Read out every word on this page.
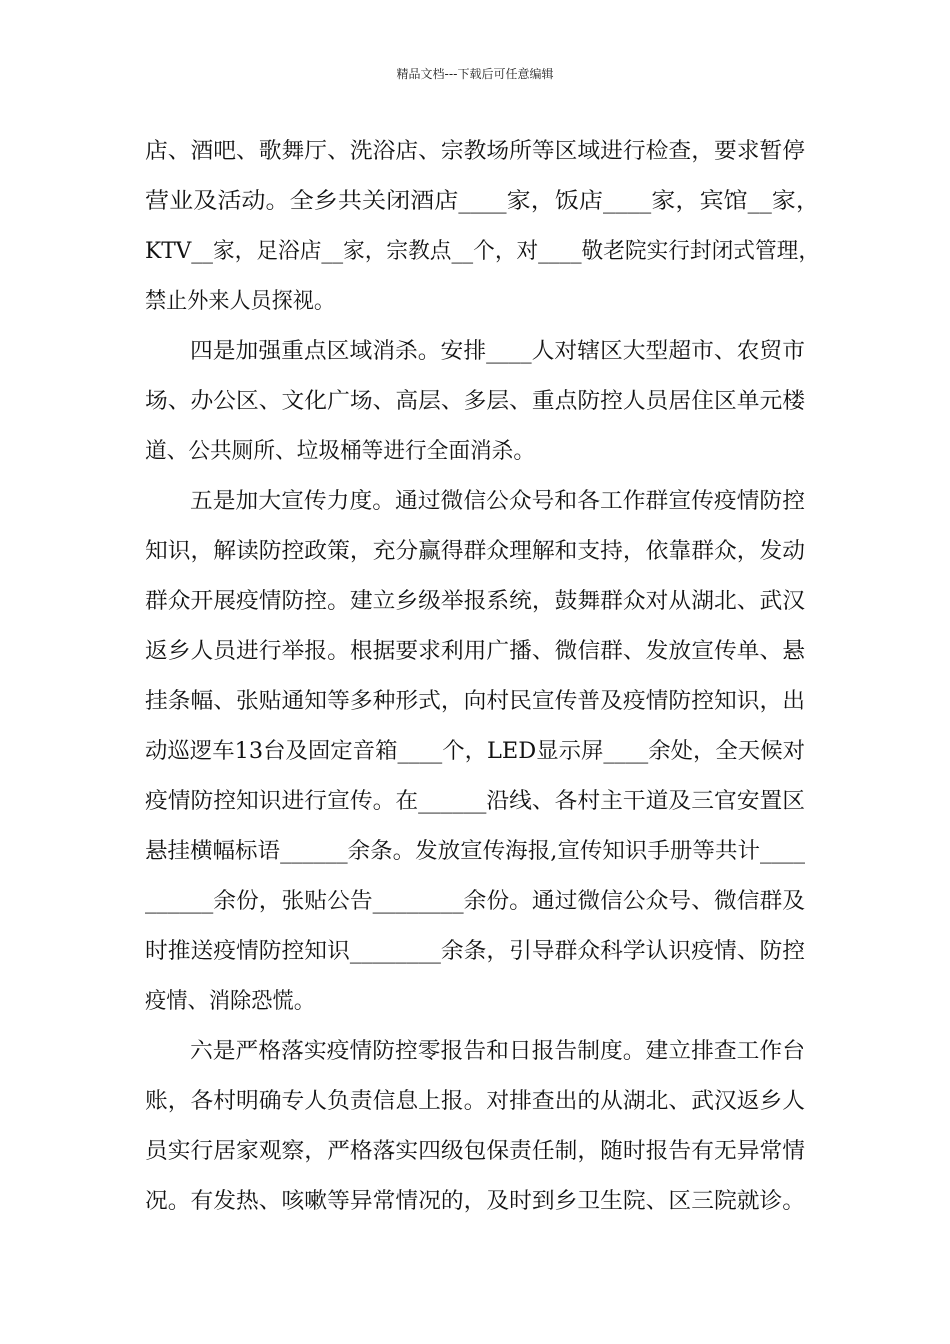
精品文档---下载后可任意编辑
店、酒吧、歌舞厅、洗浴店、宗教场所等区域进行检查，要求暂停
营业及活动。全乡共关闭酒店____家，饭店____家，宾馆__家，
KTV__家，足浴店__家，宗教点__个，对____敬老院实行封闭式管理，
禁止外来人员探视。
四是加强重点区域消杀。安排____人对辖区大型超市、农贸市
场、办公区、文化广场、高层、多层、重点防控人员居住区单元楼
道、公共厕所、垃圾桶等进行全面消杀。
五是加大宣传力度。通过微信公众号和各工作群宣传疫情防控
知识，解读防控政策，充分赢得群众理解和支持，依靠群众，发动
群众开展疫情防控。建立乡级举报系统，鼓舞群众对从湖北、武汉
返乡人员进行举报。根据要求利用广播、微信群、发放宣传单、悬
挂条幅、张贴通知等多种形式，向村民宣传普及疫情防控知识，出
动巡逻车13台及固定音箱____个，LED显示屏____余处，全天候对
疫情防控知识进行宣传。在______沿线、各村主干道及三官安置区
悬挂横幅标语______余条。发放宣传海报,宣传知识手册等共计____
______余份，张贴公告________余份。通过微信公众号、微信群及
时推送疫情防控知识________余条，引导群众科学认识疫情、防控
疫情、消除恐慌。
六是严格落实疫情防控零报告和日报告制度。建立排查工作台
账，各村明确专人负责信息上报。对排查出的从湖北、武汉返乡人
员实行居家观察，严格落实四级包保责任制，随时报告有无异常情
况。有发热、咳嗽等异常情况的，及时到乡卫生院、区三院就诊。
